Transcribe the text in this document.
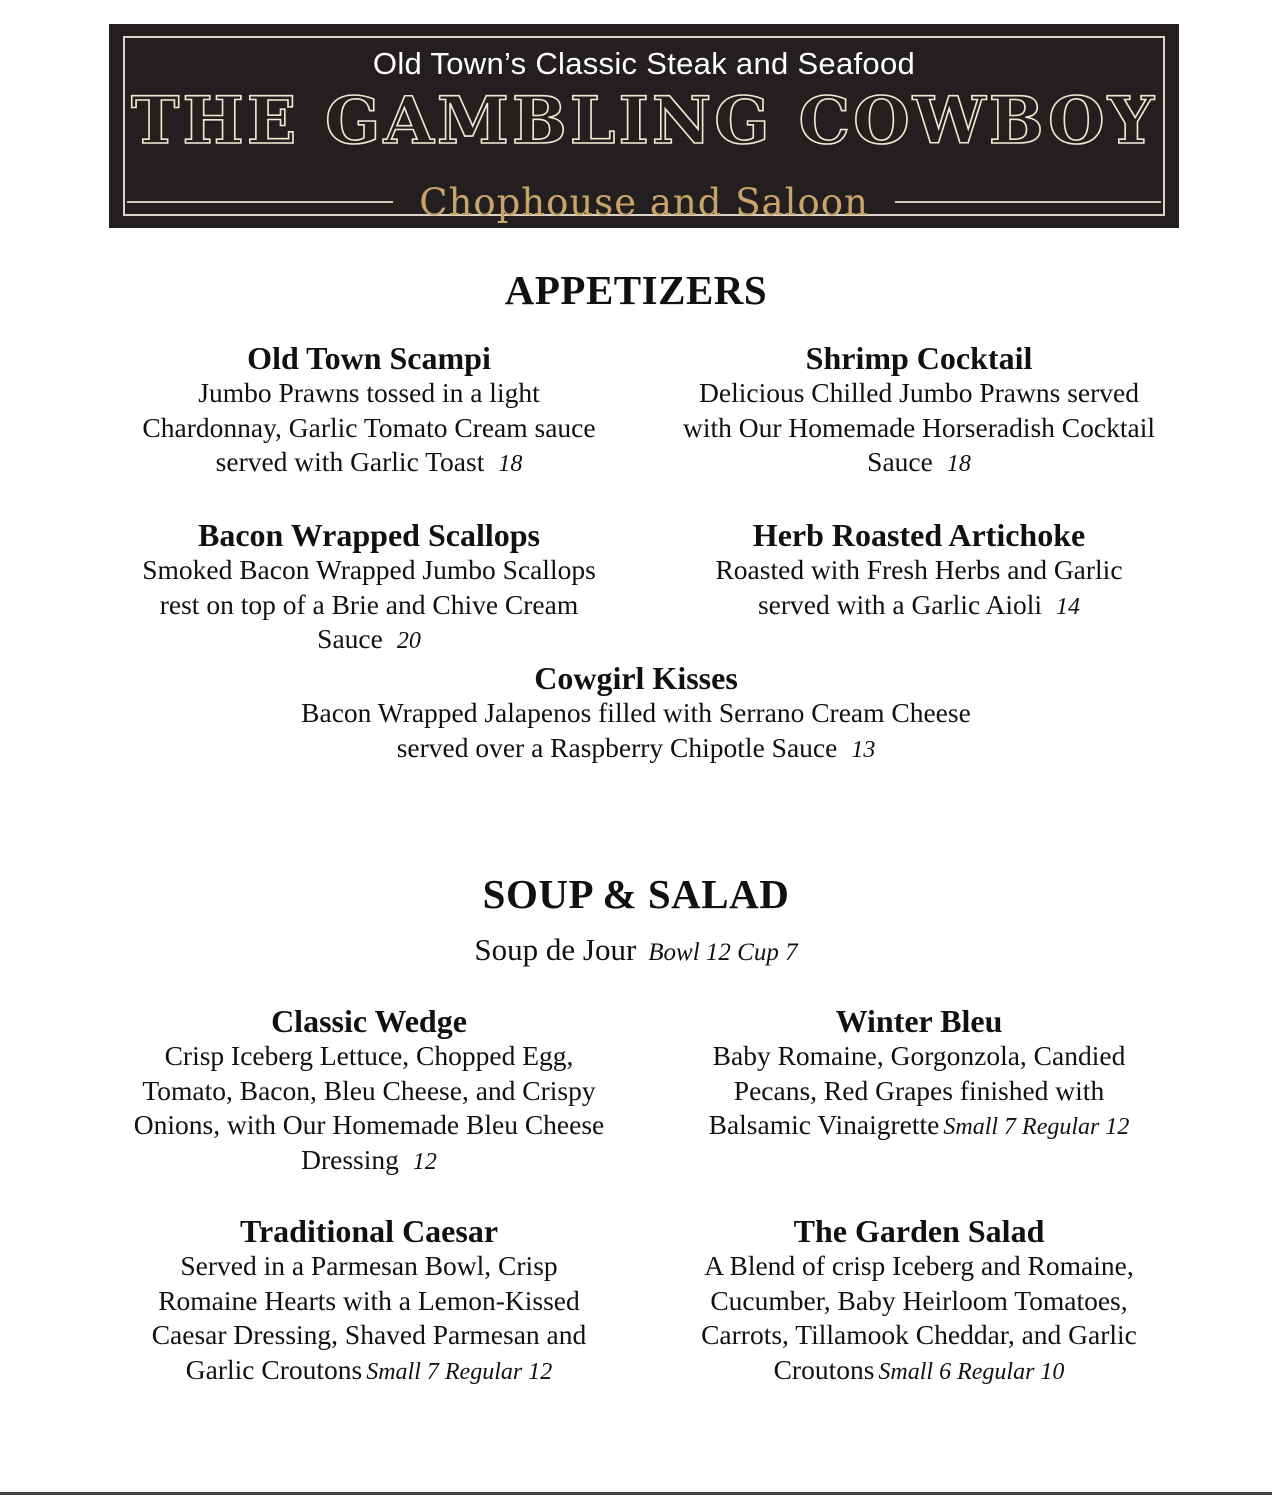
Old Town’s Classic Steak and Seafood
THE GAMBLING COWBOY
Chophouse and Saloon
APPETIZERS
Old Town Scampi
Jumbo Prawns tossed in a light
Chardonnay, Garlic Tomato Cream sauce
served with Garlic Toast 18
Shrimp Cocktail
Delicious Chilled Jumbo Prawns served
with Our Homemade Horseradish Cocktail
Sauce 18
Bacon Wrapped Scallops
Smoked Bacon Wrapped Jumbo Scallops
rest on top of a Brie and Chive Cream
Sauce 20
Herb Roasted Artichoke
Roasted with Fresh Herbs and Garlic
served with a Garlic Aioli 14
Cowgirl Kisses
Bacon Wrapped Jalapenos filled with Serrano Cream Cheese
served over a Raspberry Chipotle Sauce 13
SOUP & SALAD
Soup de Jour Bowl 12 Cup 7
Classic Wedge
Crisp Iceberg Lettuce, Chopped Egg,
Tomato, Bacon, Bleu Cheese, and Crispy
Onions, with Our Homemade Bleu Cheese
Dressing 12
Winter Bleu
Baby Romaine, Gorgonzola, Candied
Pecans, Red Grapes finished with
Balsamic Vinaigrette Small 7 Regular 12
Traditional Caesar
Served in a Parmesan Bowl, Crisp
Romaine Hearts with a Lemon-Kissed
Caesar Dressing, Shaved Parmesan and
Garlic Croutons Small 7 Regular 12
The Garden Salad
A Blend of crisp Iceberg and Romaine,
Cucumber, Baby Heirloom Tomatoes,
Carrots, Tillamook Cheddar, and Garlic
Croutons Small 6 Regular 10
